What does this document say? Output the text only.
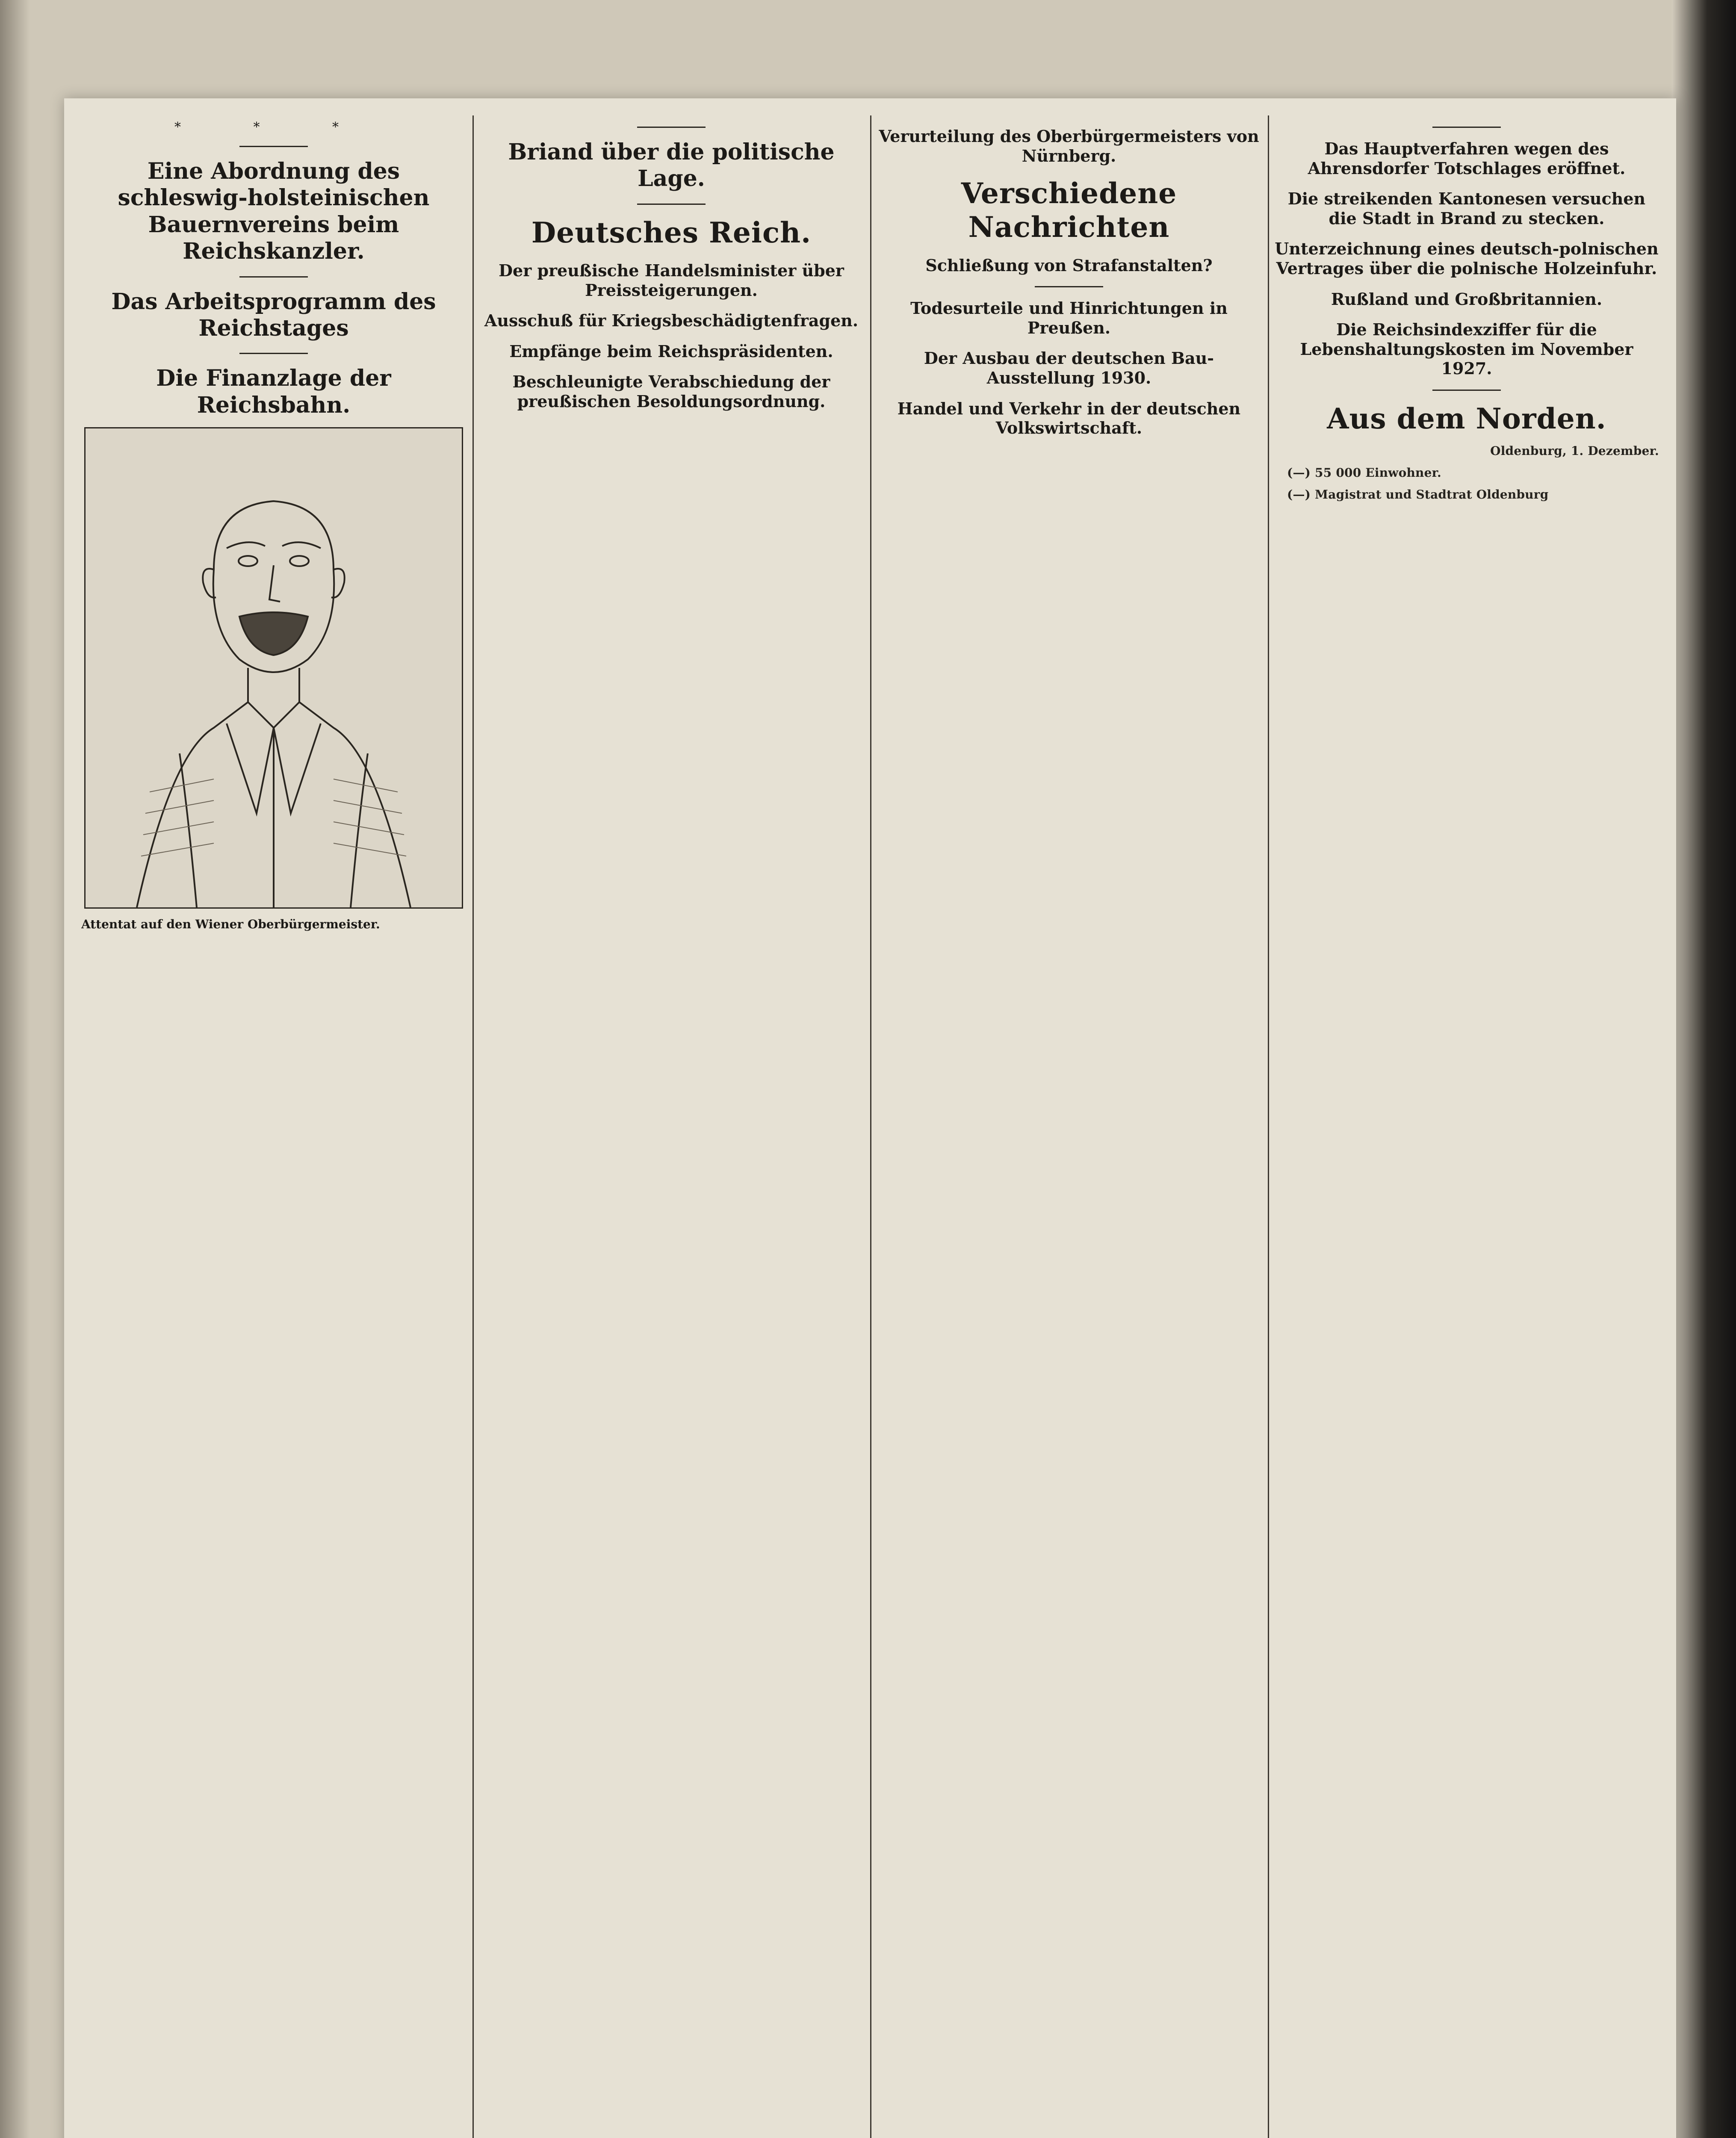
* * *
Eine Abordnung des schleswig-holsteinischen Bauernvereins beim Reichskanzler.
Das Arbeitsprogramm des Reichstages
Die Finanzlage der Reichsbahn.
Attentat auf den Wiener Oberbürgermeister.
Briand über die politische Lage.
Deutsches Reich.
Der preußische Handelsminister über Preissteigerungen.
Ausschuß für Kriegsbeschädigtenfragen.
Empfänge beim Reichspräsidenten.
Beschleunigte Verabschiedung der preußischen Besoldungsordnung.
Verurteilung des Oberbürgermeisters von Nürnberg.
Verschiedene Nachrichten
Schließung von Strafanstalten?
Todesurteile und Hinrichtungen in Preußen.
Der Ausbau der deutschen Bau-Ausstellung 1930.
Handel und Verkehr in der deutschen Volkswirtschaft.
Das Hauptverfahren wegen des Ahrensdorfer Totschlages eröffnet.
Die streikenden Kantonesen versuchen die Stadt in Brand zu stecken.
Unterzeichnung eines deutsch-polnischen Vertrages über die polnische Holzeinfuhr.
Rußland und Großbritannien.
Die Reichsindexziffer für die Lebenshaltungskosten im November 1927.
Aus dem Norden.

Oldenburg, 1. Dezember.

(—) 55 000 Einwohner.

(—) Magistrat und Stadtrat Oldenburg
